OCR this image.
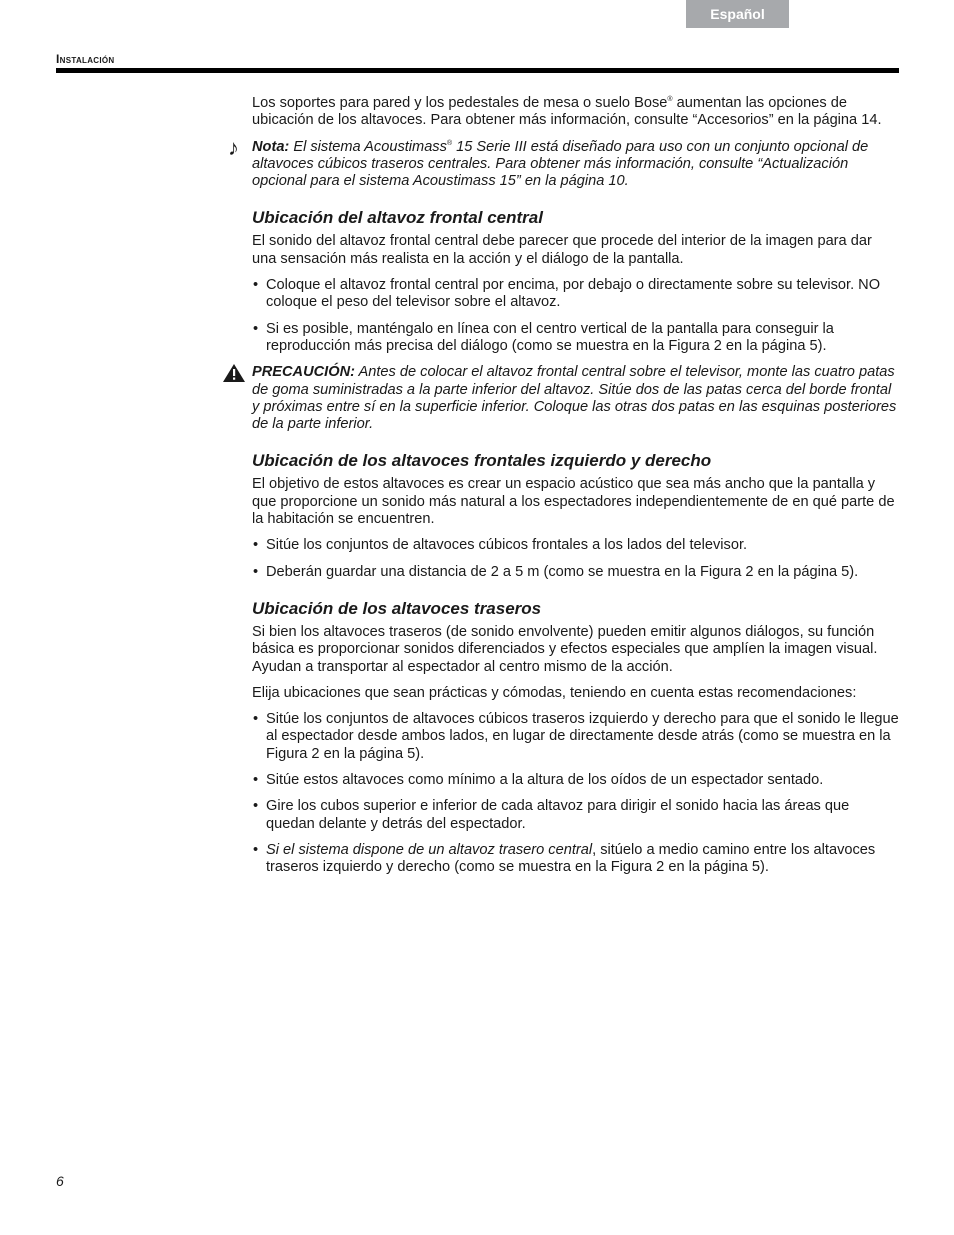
Español
Instalación

Los soportes para pared y los pedestales de mesa o suelo Bose® aumentan las opciones de ubicación de los altavoces. Para obtener más información, consulte “Accesorios” en la página 14.

♪ Nota: El sistema Acoustimass® 15 Serie III está diseñado para uso con un conjunto opcional de altavoces cúbicos traseros centrales. Para obtener más información, consulte “Actualización opcional para el sistema Acoustimass 15” en la página 10.
Ubicación del altavoz frontal central

El sonido del altavoz frontal central debe parecer que procede del interior de la imagen para dar una sensación más realista en la acción y el diálogo de la pantalla.

• Coloque el altavoz frontal central por encima, por debajo o directamente sobre su televisor. NO coloque el peso del televisor sobre el altavoz.
• Si es posible, manténgalo en línea con el centro vertical de la pantalla para conseguir la reproducción más precisa del diálogo (como se muestra en la Figura 2 en la página 5).
PRECAUCIÓN: Antes de colocar el altavoz frontal central sobre el televisor, monte las cuatro patas de goma suministradas a la parte inferior del altavoz. Sitúe dos de las patas cerca del borde frontal y próximas entre sí en la superficie inferior. Coloque las otras dos patas en las esquinas posteriores de la parte inferior.
Ubicación de los altavoces frontales izquierdo y derecho

El objetivo de estos altavoces es crear un espacio acústico que sea más ancho que la pantalla y que proporcione un sonido más natural a los espectadores independientemente de en qué parte de la habitación se encuentren.

• Sitúe los conjuntos de altavoces cúbicos frontales a los lados del televisor.
• Deberán guardar una distancia de 2 a 5 m (como se muestra en la Figura 2 en la página 5).
Ubicación de los altavoces traseros

Si bien los altavoces traseros (de sonido envolvente) pueden emitir algunos diálogos, su función básica es proporcionar sonidos diferenciados y efectos especiales que amplíen la imagen visual. Ayudan a transportar al espectador al centro mismo de la acción.

Elija ubicaciones que sean prácticas y cómodas, teniendo en cuenta estas recomendaciones:

• Sitúe los conjuntos de altavoces cúbicos traseros izquierdo y derecho para que el sonido le llegue al espectador desde ambos lados, en lugar de directamente desde atrás (como se muestra en la Figura 2 en la página 5).
• Sitúe estos altavoces como mínimo a la altura de los oídos de un espectador sentado.
• Gire los cubos superior e inferior de cada altavoz para dirigir el sonido hacia las áreas que quedan delante y detrás del espectador.
• Si el sistema dispone de un altavoz trasero central, sitúelo a medio camino entre los altavoces traseros izquierdo y derecho (como se muestra en la Figura 2 en la página 5).
6
